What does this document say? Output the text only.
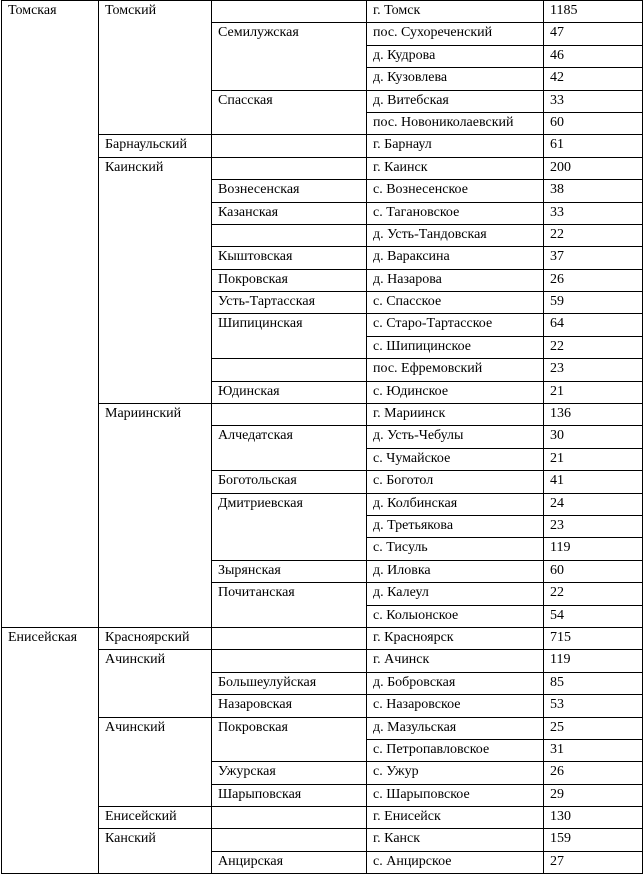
Томская	Томский		г. Томск	1185
		Семилужская	пос. Сухореченский	47
			д. Кудрова	46
			д. Кузовлева	42
		Спасская	д. Витебская	33
			пос. Новониколаевский	60
	Барнаульский		г. Барнаул	61
	Каинский		г. Каинск	200
		Вознесенская	с. Вознесенское	38
		Казанская	с. Тагановское	33
			д. Усть-Тандовская	22
		Кыштовская	д. Вараксина	37
		Покровская	д. Назарова	26
		Усть-Тартасская	с. Спасское	59
		Шипицинская	с. Старо-Тартасское	64
			с. Шипицинское	22
			пос. Ефремовский	23
		Юдинская	с. Юдинское	21
	Мариинский		г. Мариинск	136
		Алчедатская	д. Усть-Чебулы	30
			с. Чумайское	21
		Боготольская	с. Боготол	41
		Дмитриевская	д. Колбинская	24
			д. Третьякова	23
			с. Тисуль	119
		Зырянская	д. Иловка	60
		Почитанская	д. Калеул	22
			с. Колыонское	54
Енисейская	Красноярский		г. Красноярск	715
	Ачинский		г. Ачинск	119
		Большеулуйская	д. Бобровская	85
		Назаровская	с. Назаровское	53
	Ачинский	Покровская	д. Мазульская	25
			с. Петропавловское	31
		Ужурская	с. Ужур	26
		Шарыповская	с. Шарыповское	29
	Енисейский		г. Енисейск	130
	Канский		г. Канск	159
		Анцирская	с. Анцирское	27
